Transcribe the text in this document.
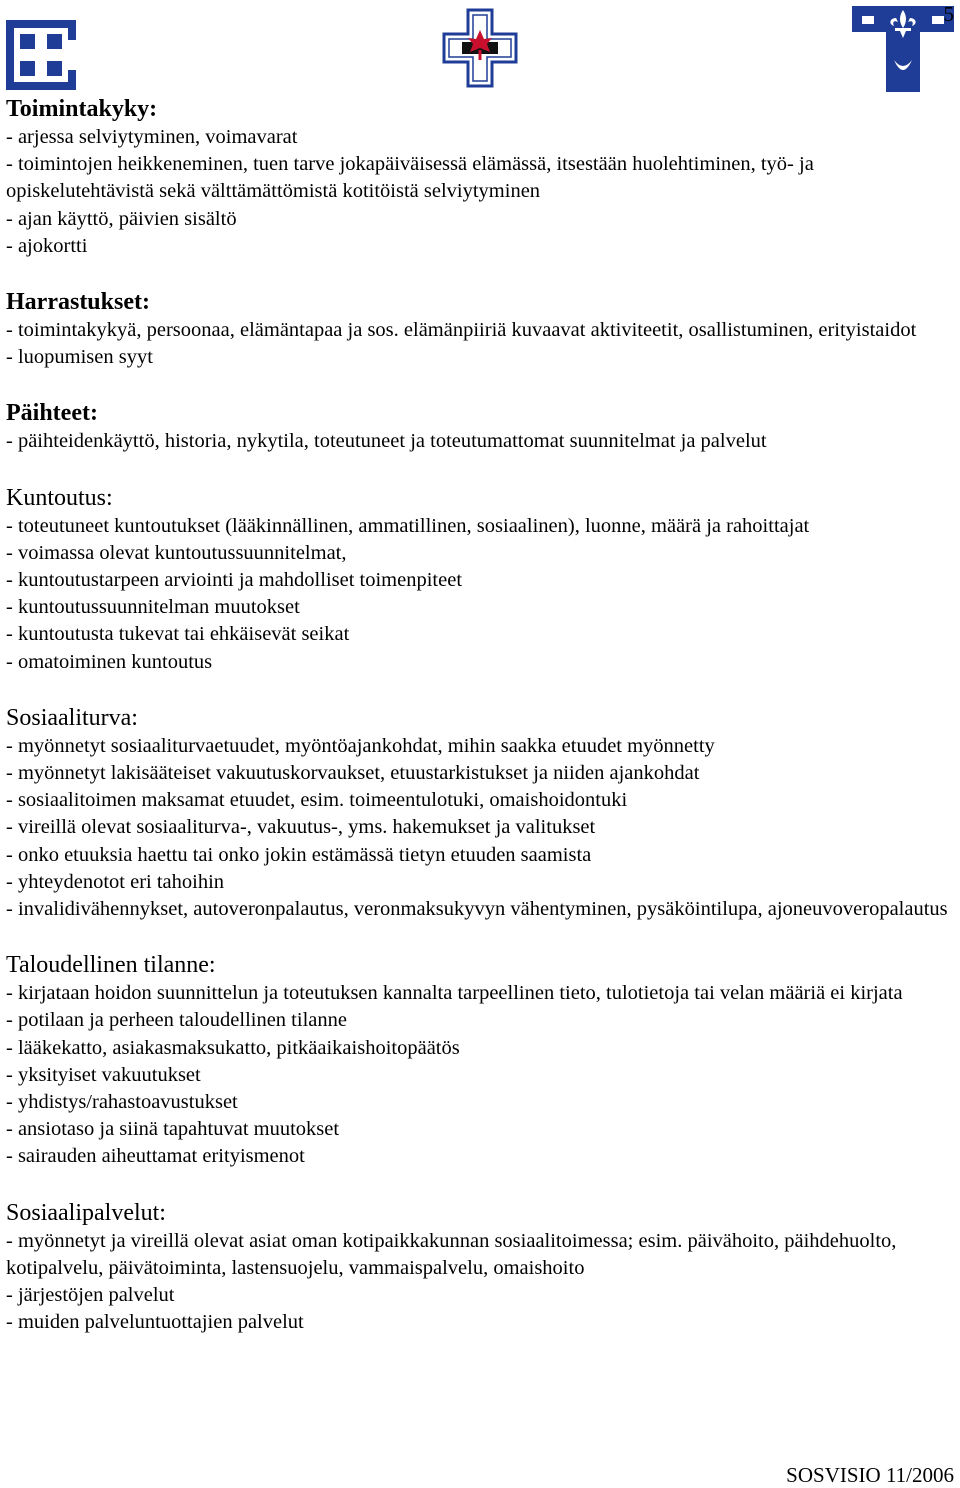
5
Toimintakyky:
- arjessa selviytyminen, voimavarat
- toimintojen heikkeneminen, tuen tarve jokapäiväisessä elämässä, itsestään huolehtiminen, työ- ja opiskelutehtävistä sekä välttämättömistä kotitöistä selviytyminen
- ajan käyttö, päivien sisältö
- ajokortti
Harrastukset:
- toimintakykyä, persoonaa, elämäntapaa ja sos. elämänpiiriä kuvaavat aktiviteetit, osallistuminen, erityistaidot
- luopumisen syyt
Päihteet:
- päihteidenkäyttö, historia, nykytila, toteutuneet ja toteutumattomat suunnitelmat ja palvelut
Kuntoutus:
- toteutuneet kuntoutukset (lääkinnällinen, ammatillinen, sosiaalinen), luonne, määrä ja rahoittajat
- voimassa olevat kuntoutussuunnitelmat,
- kuntoutustarpeen arviointi ja mahdolliset toimenpiteet
- kuntoutussuunnitelman muutokset
- kuntoutusta tukevat tai ehkäisevät seikat
- omatoiminen kuntoutus
Sosiaaliturva:
- myönnetyt sosiaaliturvaetuudet, myöntöajankohdat, mihin saakka etuudet myönnetty
- myönnetyt lakisääteiset vakuutuskorvaukset, etuustarkistukset ja niiden ajankohdat
- sosiaalitoimen maksamat etuudet, esim. toimeentulotuki, omaishoidontuki
- vireillä olevat sosiaaliturva-, vakuutus-, yms. hakemukset ja valitukset
- onko etuuksia haettu tai onko jokin estämässä tietyn etuuden saamista
- yhteydenotot eri tahoihin
- invalidivähennykset, autoveronpalautus, veronmaksukyvyn vähentyminen, pysäköintilupa, ajoneuvoveropalautus
Taloudellinen tilanne:
- kirjataan hoidon suunnittelun ja toteutuksen kannalta tarpeellinen tieto, tulotietoja tai velan määriä ei kirjata
- potilaan ja perheen taloudellinen tilanne
- lääkekatto, asiakasmaksukatto, pitkäaikaishoitopäätös
- yksityiset vakuutukset
- yhdistys/rahastoavustukset
- ansiotaso ja siinä tapahtuvat muutokset
- sairauden aiheuttamat erityismenot
Sosiaalipalvelut:
- myönnetyt ja vireillä olevat asiat oman kotipaikkakunnan sosiaalitoimessa; esim. päivähoito, päihdehuolto, kotipalvelu, päivätoiminta, lastensuojelu, vammaispalvelu, omaishoito
- järjestöjen palvelut
- muiden palveluntuottajien palvelut
SOSVISIO 11/2006
